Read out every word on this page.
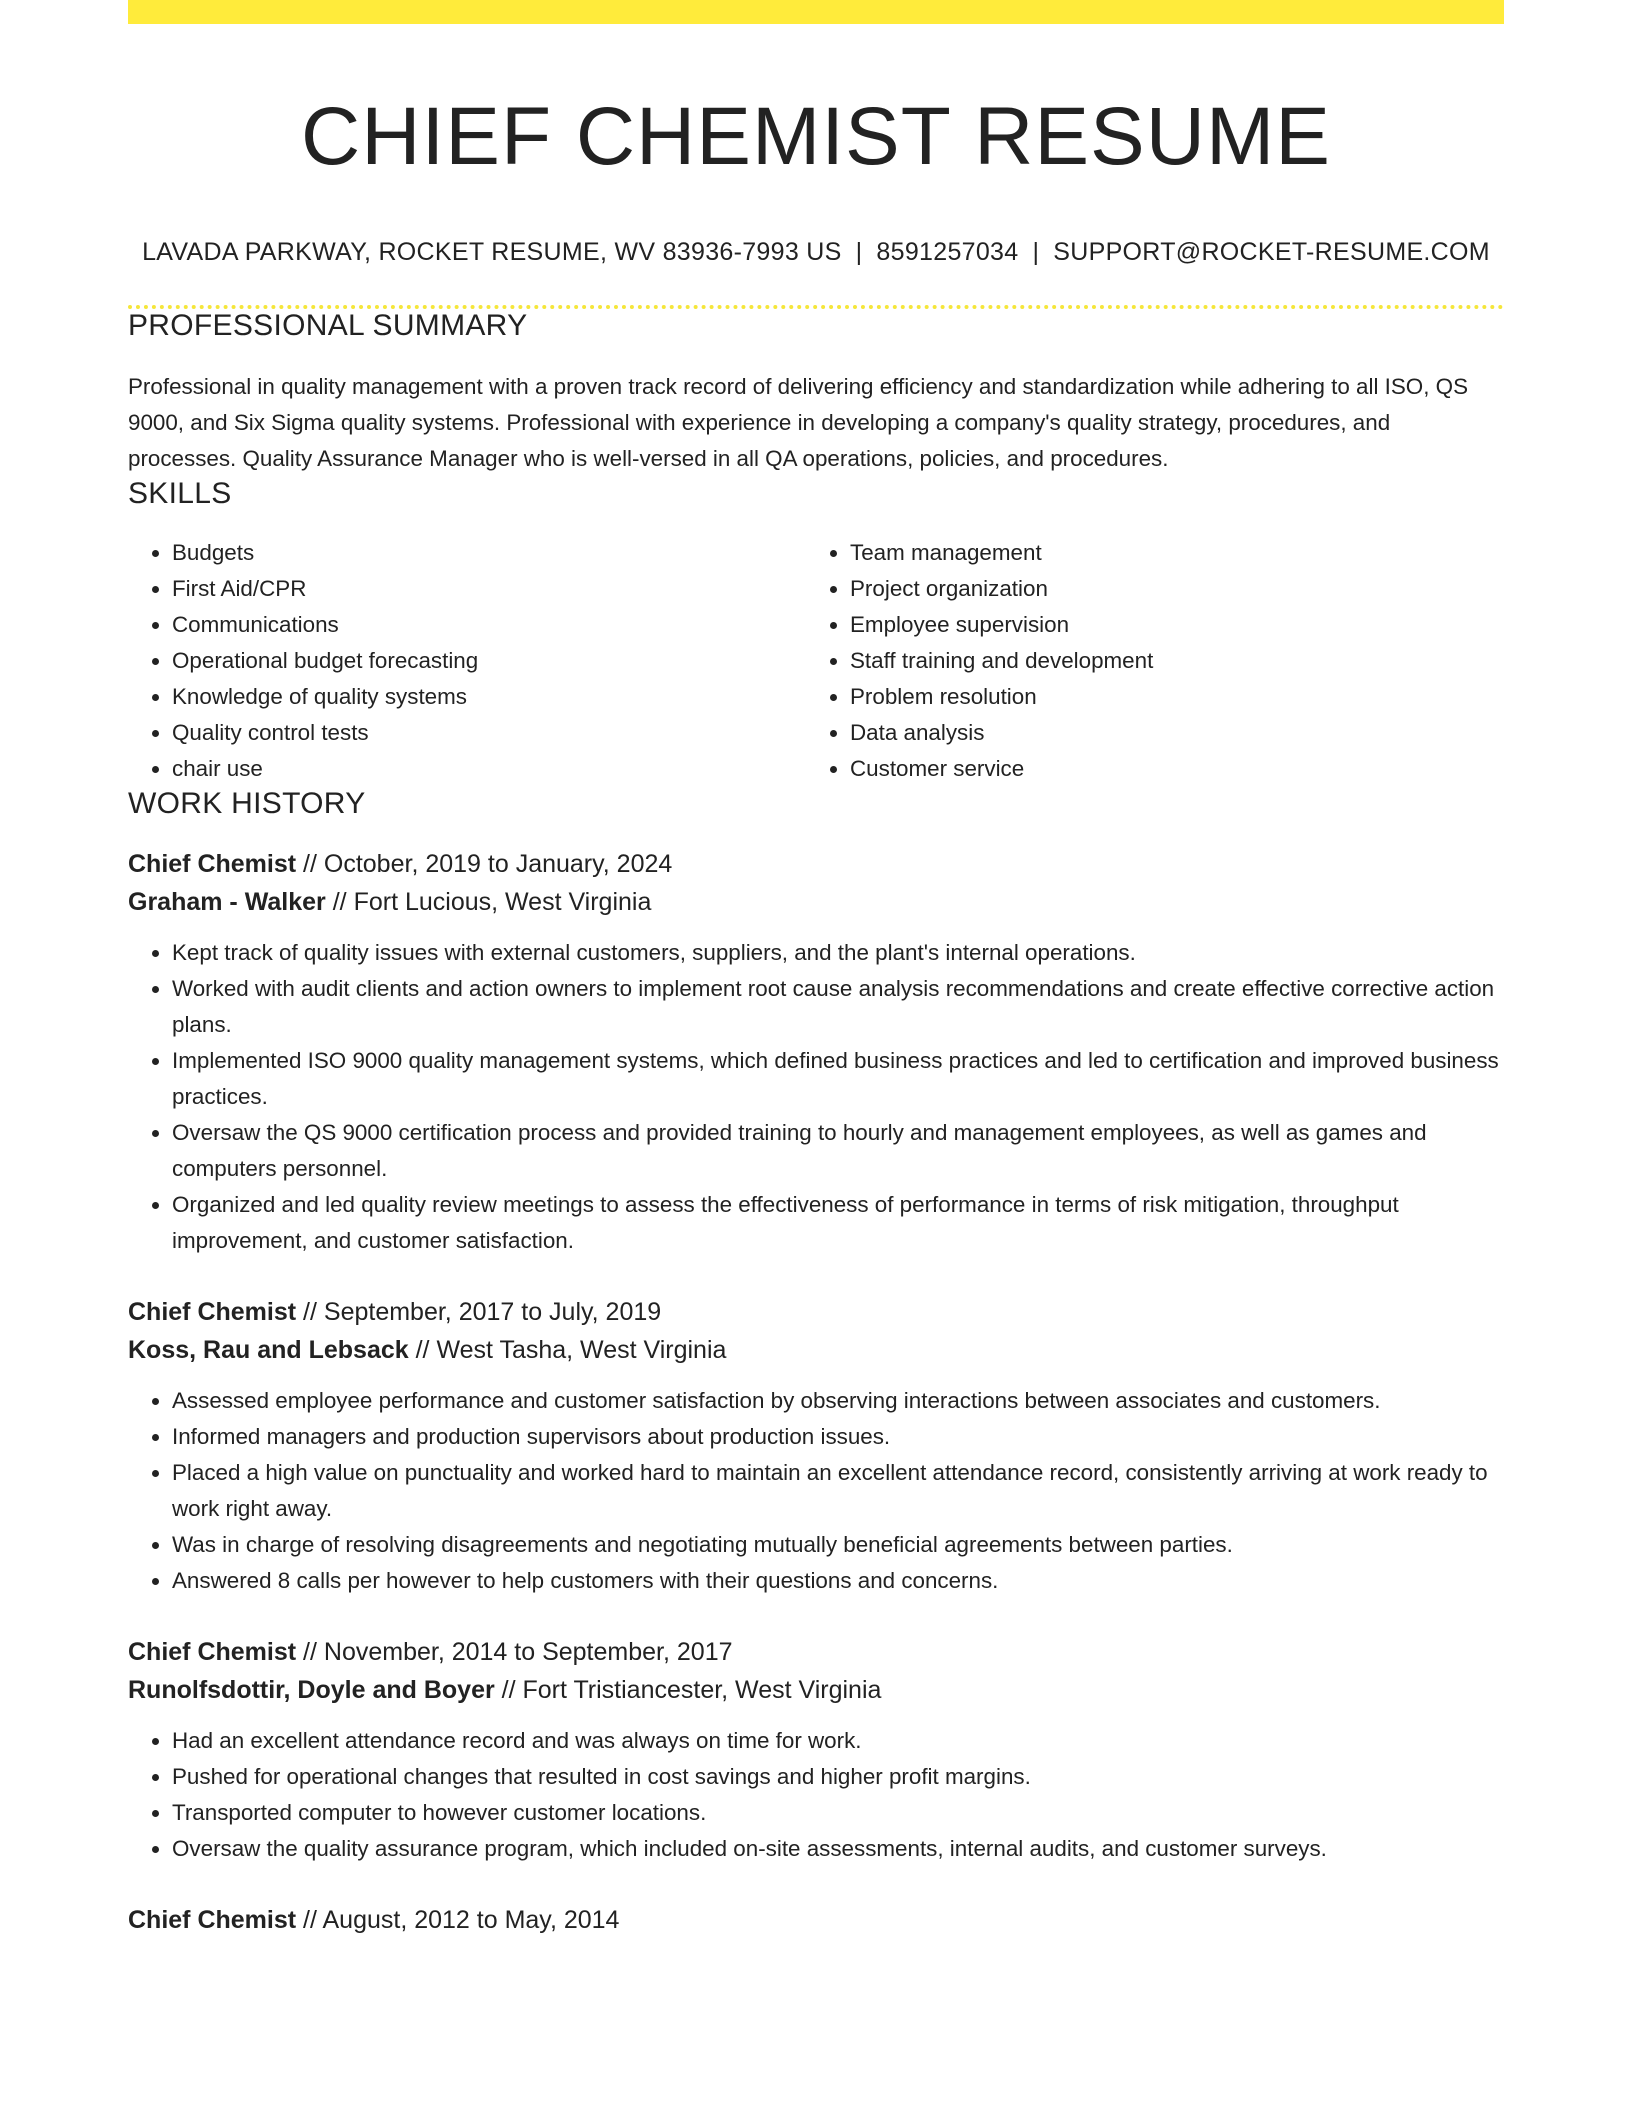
CHIEF CHEMIST RESUME
LAVADA PARKWAY, ROCKET RESUME, WV 83936-7993 US | 8591257034 | SUPPORT@ROCKET-RESUME.COM
PROFESSIONAL SUMMARY

Professional in quality management with a proven track record of delivering efficiency and standardization while adhering to all ISO, QS 9000, and Six Sigma quality systems. Professional with experience in developing a company's quality strategy, procedures, and processes. Quality Assurance Manager who is well-versed in all QA operations, policies, and procedures.

SKILLS
• Budgets
• First Aid/CPR
• Communications
• Operational budget forecasting
• Knowledge of quality systems
• Quality control tests
• chair use
• Team management
• Project organization
• Employee supervision
• Staff training and development
• Problem resolution
• Data analysis
• Customer service
WORK HISTORY
Chief Chemist // October, 2019 to January, 2024
Graham - Walker // Fort Lucious, West Virginia
• Kept track of quality issues with external customers, suppliers, and the plant's internal operations.
• Worked with audit clients and action owners to implement root cause analysis recommendations and create effective corrective action plans.
• Implemented ISO 9000 quality management systems, which defined business practices and led to certification and improved business practices.
• Oversaw the QS 9000 certification process and provided training to hourly and management employees, as well as games and computers personnel.
• Organized and led quality review meetings to assess the effectiveness of performance in terms of risk mitigation, throughput improvement, and customer satisfaction.
Chief Chemist // September, 2017 to July, 2019
Koss, Rau and Lebsack // West Tasha, West Virginia
• Assessed employee performance and customer satisfaction by observing interactions between associates and customers.
• Informed managers and production supervisors about production issues.
• Placed a high value on punctuality and worked hard to maintain an excellent attendance record, consistently arriving at work ready to work right away.
• Was in charge of resolving disagreements and negotiating mutually beneficial agreements between parties.
• Answered 8 calls per however to help customers with their questions and concerns.
Chief Chemist // November, 2014 to September, 2017
Runolfsdottir, Doyle and Boyer // Fort Tristiancester, West Virginia
• Had an excellent attendance record and was always on time for work.
• Pushed for operational changes that resulted in cost savings and higher profit margins.
• Transported computer to however customer locations.
• Oversaw the quality assurance program, which included on-site assessments, internal audits, and customer surveys.
Chief Chemist // August, 2012 to May, 2014
